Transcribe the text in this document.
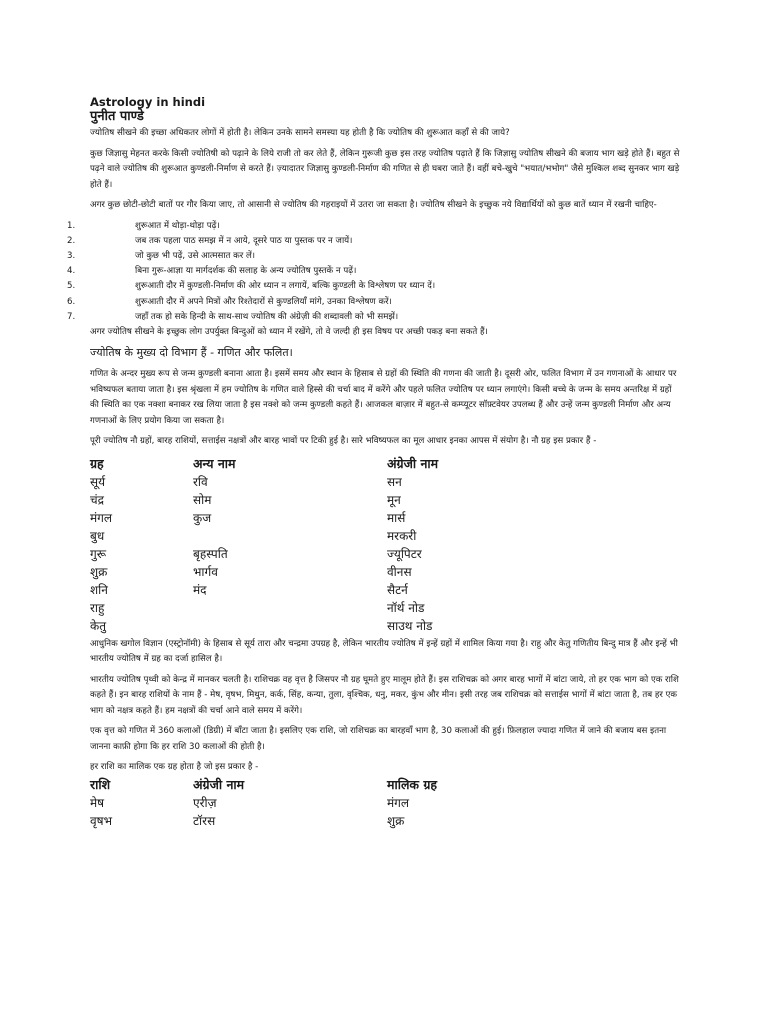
Astrology in hindi
पुनीत पाण्डे

ज्योतिष सीखने की इच्छा अधिकतर लोगों में होती है। लेकिन उनके सामने समस्या यह होती है कि ज्योतिष की शुरूआत कहाँ से की जाये?

कुछ जिज्ञासु मेहनत करके किसी ज्योतिषी को पढ़ाने के लिये राजी तो कर लेते हैं, लेकिन गुरूजी कुछ इस तरह ज्योतिष पढ़ाते हैं कि जिज्ञासु ज्योतिष सीखने की बजाय भाग खड़े होते हैं। बहुत से पढ़ने वाले ज्योतिष की शुरूआत कुण्डली-निर्माण से करते हैं। ज़्यादातर जिज्ञासु कुण्डली-निर्माण की गणित से ही घबरा जाते हैं। वहीं बचे-खुचे "भयात/भभोग" जैसे मुश्किल शब्द सुनकर भाग खड़े होते हैं।

अगर कुछ छोटी-छोटी बातों पर गौर किया जाए, तो आसानी से ज्योतिष की गहराइयों में उतरा जा सकता है। ज्योतिष सीखने के इच्छुक नये विद्यार्थियों को कुछ बातें ध्यान में रखनी चाहिए-

1.	शुरूआत में थोड़ा-थोड़ा पढ़ें।
2.	जब तक पहला पाठ समझ में न आये, दूसरे पाठ या पुस्तक पर न जायें।
3.	जो कुछ भी पढ़ें, उसे आत्मसात कर लें।
4.	बिना गुरू-आज्ञा या मार्गदर्शक की सलाह के अन्य ज्योतिष पुस्तकें न पढ़ें।
5.	शुरूआती दौर में कुण्डली-निर्माण की ओर ध्यान न लगायें, बल्कि कुण्डली के विश्लेषण पर ध्यान दें।
6.	शुरूआती दौर में अपने मित्रों और रिश्तेदारों से कुण्डलियाँ मांगे, उनका विश्लेषण करें।
7.	जहाँ तक हो सके हिन्दी के साथ-साथ ज्योतिष की अंग्रेज़ी की शब्दावली को भी समझें।

अगर ज्योतिष सीखने के इच्छुक लोग उपर्युक्त बिन्दुओं को ध्यान में रखेंगे, तो वे जल्दी ही इस विषय पर अच्छी पकड़ बना सकते हैं।

ज्योतिष के मुख्य दो विभाग हैं - गणित और फलित।

गणित के अन्दर मुख्य रूप से जन्म कुण्डली बनाना आता है। इसमें समय और स्थान के हिसाब से ग्रहों की स्थिति की गणना की जाती है। दूसरी ओर, फलित विभाग में उन गणनाओं के आधार पर भविष्यफल बताया जाता है। इस श्रृंखला में हम ज्योतिष के गणित वाले हिस्से की चर्चा बाद में करेंगे और पहले फलित ज्योतिष पर ध्यान लगाएंगे। किसी बच्चे के जन्म के समय अन्तरिक्ष में ग्रहों की स्थिति का एक नक्शा बनाकर रख लिया जाता है इस नक्शे को जन्म कुण्डली कहते हैं। आजकल बाज़ार में बहुत-से कम्प्यूटर सॉफ़्टवेयर उपलब्ध हैं और उन्हें जन्म कुण्डली निर्माण और अन्य गणनाओं के लिए प्रयोग किया जा सकता है।

पूरी ज्योतिष नौ ग्रहों, बारह राशियों, सत्ताईस नक्षत्रों और बारह भावों पर टिकी हुई है। सारे भविष्यफल का मूल आधार इनका आपस में संयोग है। नौ ग्रह इस प्रकार हैं -

ग्रह	अन्य नाम	अंग्रेजी नाम
सूर्य	रवि	सन
चंद्र	सोम	मून
मंगल	कुज	मार्स
बुध		मरकरी
गुरू	बृहस्पति	ज्यूपिटर
शुक्र	भार्गव	वीनस
शनि	मंद	सैटर्न
राहु		नॉर्थ नोड
केतु		साउथ नोड

आधुनिक खगोल विज्ञान (एस्ट्रोनॉमी) के हिसाब से सूर्य तारा और चन्द्रमा उपग्रह है, लेकिन भारतीय ज्योतिष में इन्हें ग्रहों में शामिल किया गया है। राहु और केतु गणितीय बिन्दु मात्र हैं और इन्हें भी भारतीय ज्योतिष में ग्रह का दर्जा हासिल है।

भारतीय ज्योतिष पृथ्वी को केन्द्र में मानकर चलती है। राशिचक्र वह वृत्त है जिसपर नौ ग्रह घूमते हुए मालूम होते हैं। इस राशिचक्र को अगर बारह भागों में बांटा जाये, तो हर एक भाग को एक राशि कहते हैं। इन बारह राशियों के नाम हैं - मेष, वृषभ, मिथुन, कर्क, सिंह, कन्या, तुला, वृश्चिक, धनु, मकर, कुंभ और मीन। इसी तरह जब राशिचक्र को सत्ताईस भागों में बांटा जाता है, तब हर एक भाग को नक्षत्र कहते हैं। हम नक्षत्रों की चर्चा आने वाले समय में करेंगे।

एक वृत्त को गणित में 360 कलाओं (डिग्री) में बाँटा जाता है। इसलिए एक राशि, जो राशिचक्र का बारहवाँ भाग है, 30 कलाओं की हुई। फ़िलहाल ज्यादा गणित में जाने की बजाय बस इतना जानना काफ़ी होगा कि हर राशि 30 कलाओं की होती है।

हर राशि का मालिक एक ग्रह होता है जो इस प्रकार है -

राशि	अंग्रेजी नाम	मालिक ग्रह
मेष	एरीज़	मंगल
वृषभ	टॉरस	शुक्र
